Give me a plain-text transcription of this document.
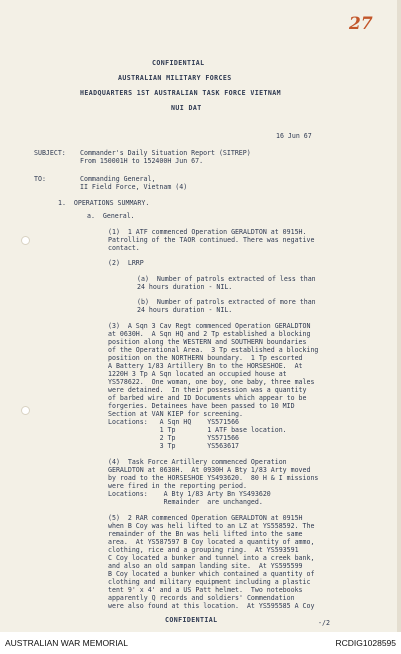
27
CONFIDENTIAL
AUSTRALIAN MILITARY FORCES
HEADQUARTERS 1ST AUSTRALIAN TASK FORCE VIETNAM
NUI DAT
16 Jun 67
SUBJECT: Commander's Daily Situation Report (SITREP)
From 150001H to 152400H Jun 67.
TO:	Commanding General,
II Field Force, Vietnam (4)
1.  OPERATIONS SUMMARY.
a.  General.
(1)  1 ATF commenced Operation GERALDTON at 0915H.
Patrolling of the TAOR continued. There was negative
contact.
(2)  LRRP
(a)  Number of patrols extracted of less than
24 hours duration - NIL.
(b)  Number of patrols extracted of more than
24 hours duration - NIL.
(3)  A Sqn 3 Cav Regt commenced Operation GERALDTON
at 0630H.  A Sqn HQ and 2 Tp established a blocking
position along the WESTERN and SOUTHERN boundaries
of the Operational Area.  3 Tp established a blocking
position on the NORTHERN boundary.  1 Tp escorted
A Battery 1/83 Artillery Bn to the HORSESHOE.  At
1220H 3 Tp A Sqn located an occupied house at
YS578622.  One woman, one boy, one baby, three males
were detained.  In their possession was a quantity
of barbed wire and ID Documents which appear to be
forgeries. Detainees have been passed to 10 MID
Section at VAN KIEP for screening.
Locations:   A Sqn HQ    YS571566
1 Tp        1 ATF base location.
2 Tp        YS571566
3 Tp        YS563617
(4)  Task Force Artillery commenced Operation
GERALDTON at 0630H.  At 0930H A Bty 1/83 Arty moved
by road to the HORSESHOE YS493620.  80 H & I missions
were fired in the reporting period.
Locations:    A Bty 1/83 Arty Bn YS493620
Remainder  are unchanged.
(5)  2 RAR commenced Operation GERALDTON at 0915H
when B Coy was heli lifted to an LZ at YS558592. The
remainder of the Bn was heli lifted into the same
area.  At YS587597 B Coy located a quantity of ammo,
clothing, rice and a grouping ring.  At YS593591
C Coy located a bunker and tunnel into a creek bank,
and also an old sampan landing site.  At YS595599
B Coy located a bunker which contained a quantity of
clothing and military equipment including a plastic
tent 9' x 4' and a US Patt helmet.  Two notebooks
apparently Q records and soldiers' Commendation
were also found at this location.  At YS595585 A Coy
CONFIDENTIAL	-/2
AUSTRALIAN WAR MEMORIAL	RCDIG1028595
